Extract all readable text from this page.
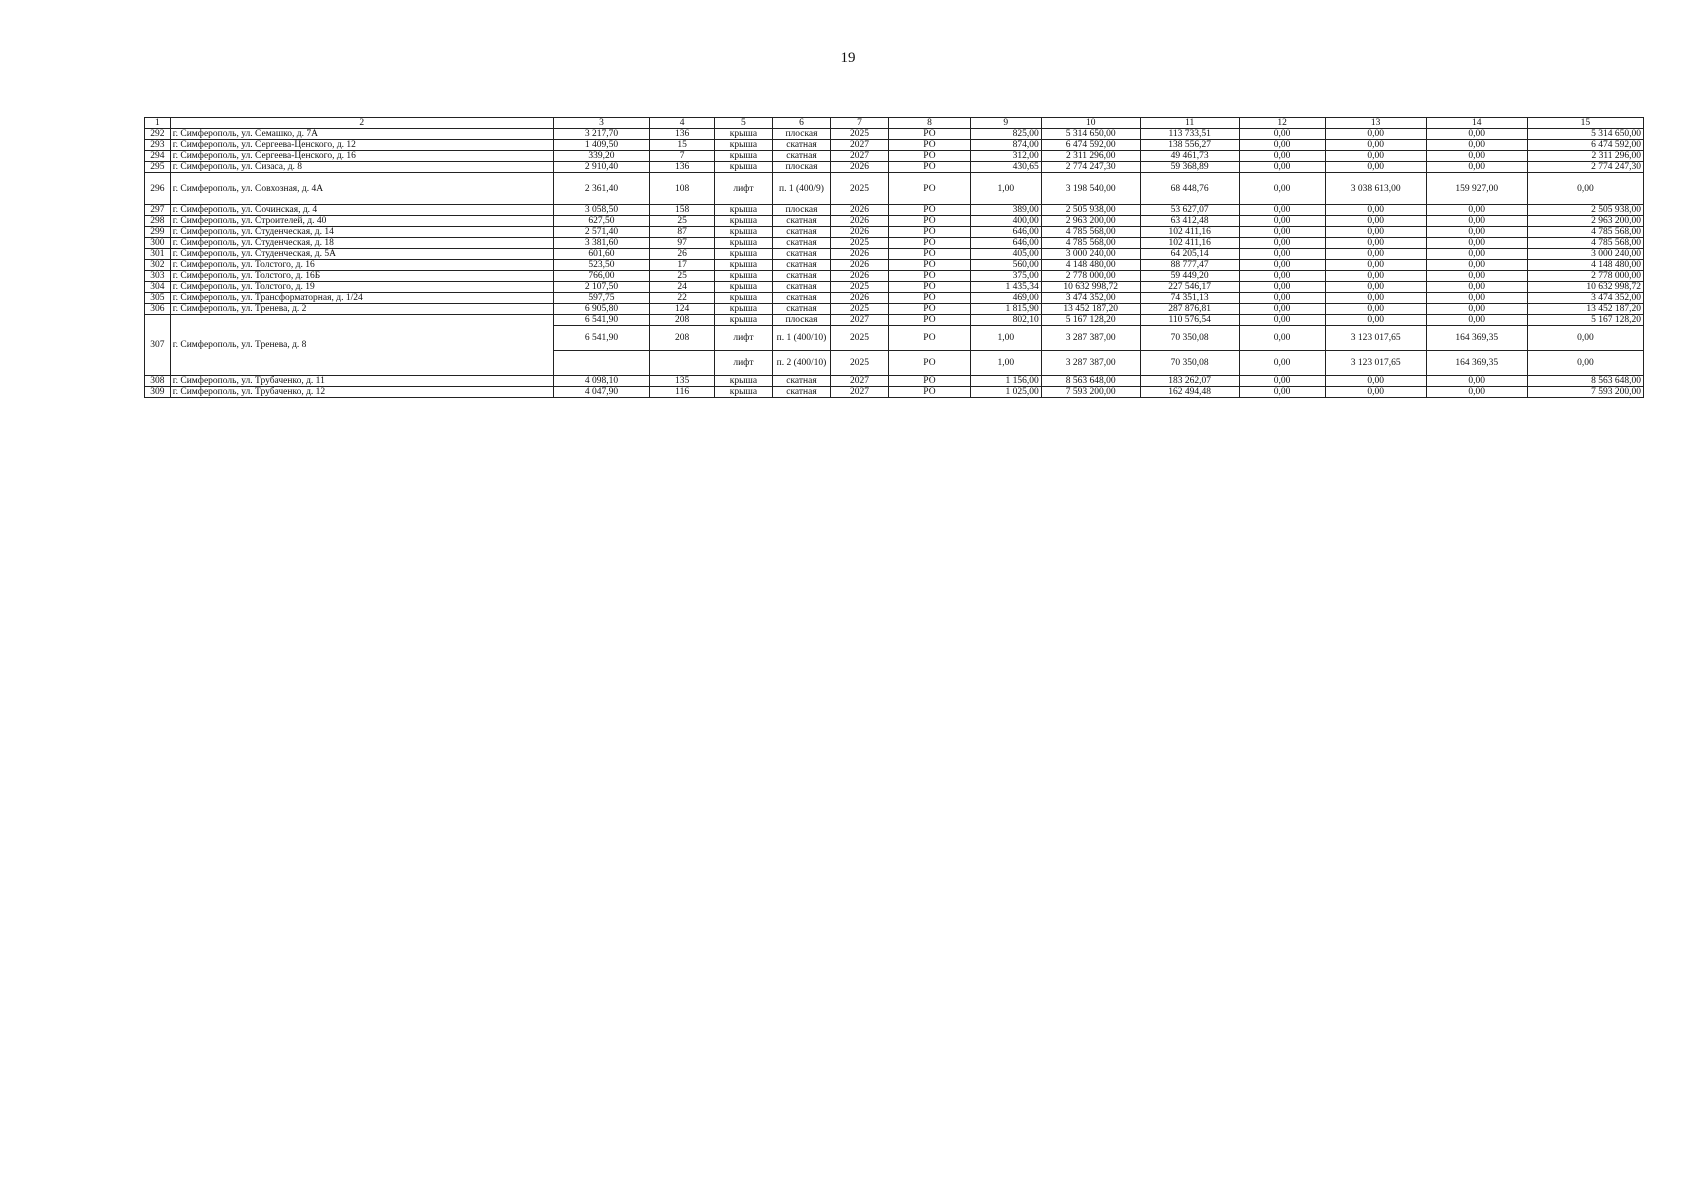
19
1	2	3	4	5	6	7	8	9	10	11	12	13	14	15
292	г. Симферополь, ул. Семашко, д. 7А	3 217,70	136	крыша	плоская	2025	РО	825,00	5 314 650,00	113 733,51	0,00	0,00	0,00	5 314 650,00
293	г. Симферополь, ул. Сергеева-Ценского, д. 12	1 409,50	15	крыша	скатная	2027	РО	874,00	6 474 592,00	138 556,27	0,00	0,00	0,00	6 474 592,00
294	г. Симферополь, ул. Сергеева-Ценского, д. 16	339,20	7	крыша	скатная	2027	РО	312,00	2 311 296,00	49 461,73	0,00	0,00	0,00	2 311 296,00
295	г. Симферополь, ул. Сизаса, д. 8	2 910,40	136	крыша	плоская	2026	РО	430,65	2 774 247,30	59 368,89	0,00	0,00	0,00	2 774 247,30
296	г. Симферополь, ул. Совхозная, д. 4А	2 361,40	108	лифт	п. 1 (400/9)	2025	РО	1,00	3 198 540,00	68 448,76	0,00	3 038 613,00	159 927,00	0,00
297	г. Симферополь, ул. Сочинская, д. 4	3 058,50	158	крыша	плоская	2026	РО	389,00	2 505 938,00	53 627,07	0,00	0,00	0,00	2 505 938,00
298	г. Симферополь, ул. Строителей, д. 40	627,50	25	крыша	скатная	2026	РО	400,00	2 963 200,00	63 412,48	0,00	0,00	0,00	2 963 200,00
299	г. Симферополь, ул. Студенческая, д. 14	2 571,40	87	крыша	скатная	2026	РО	646,00	4 785 568,00	102 411,16	0,00	0,00	0,00	4 785 568,00
300	г. Симферополь, ул. Студенческая, д. 18	3 381,60	97	крыша	скатная	2025	РО	646,00	4 785 568,00	102 411,16	0,00	0,00	0,00	4 785 568,00
301	г. Симферополь, ул. Студенческая, д. 5А	601,60	26	крыша	скатная	2026	РО	405,00	3 000 240,00	64 205,14	0,00	0,00	0,00	3 000 240,00
302	г. Симферополь, ул. Толстого, д. 16	523,50	17	крыша	скатная	2026	РО	560,00	4 148 480,00	88 777,47	0,00	0,00	0,00	4 148 480,00
303	г. Симферополь, ул. Толстого, д. 16Б	766,00	25	крыша	скатная	2026	РО	375,00	2 778 000,00	59 449,20	0,00	0,00	0,00	2 778 000,00
304	г. Симферополь, ул. Толстого, д. 19	2 107,50	24	крыша	скатная	2025	РО	1 435,34	10 632 998,72	227 546,17	0,00	0,00	0,00	10 632 998,72
305	г. Симферополь, ул. Трансформаторная, д. 1/24	597,75	22	крыша	скатная	2026	РО	469,00	3 474 352,00	74 351,13	0,00	0,00	0,00	3 474 352,00
306	г. Симферополь, ул. Тренева, д. 2	6 905,80	124	крыша	скатная	2025	РО	1 815,90	13 452 187,20	287 876,81	0,00	0,00	0,00	13 452 187,20
307	г. Симферополь, ул. Тренева, д. 8	6 541,90	208	крыша	плоская	2027	РО	802,10	5 167 128,20	110 576,54	0,00	0,00	0,00	5 167 128,20
		6 541,90	208	лифт	п. 1 (400/10)	2025	РО	1,00	3 287 387,00	70 350,08	0,00	3 123 017,65	164 369,35	0,00
				лифт	п. 2 (400/10)	2025	РО	1,00	3 287 387,00	70 350,08	0,00	3 123 017,65	164 369,35	0,00
308	г. Симферополь, ул. Трубаченко, д. 11	4 098,10	135	крыша	скатная	2027	РО	1 156,00	8 563 648,00	183 262,07	0,00	0,00	0,00	8 563 648,00
309	г. Симферополь, ул. Трубаченко, д. 12	4 047,90	116	крыша	скатная	2027	РО	1 025,00	7 593 200,00	162 494,48	0,00	0,00	0,00	7 593 200,00
